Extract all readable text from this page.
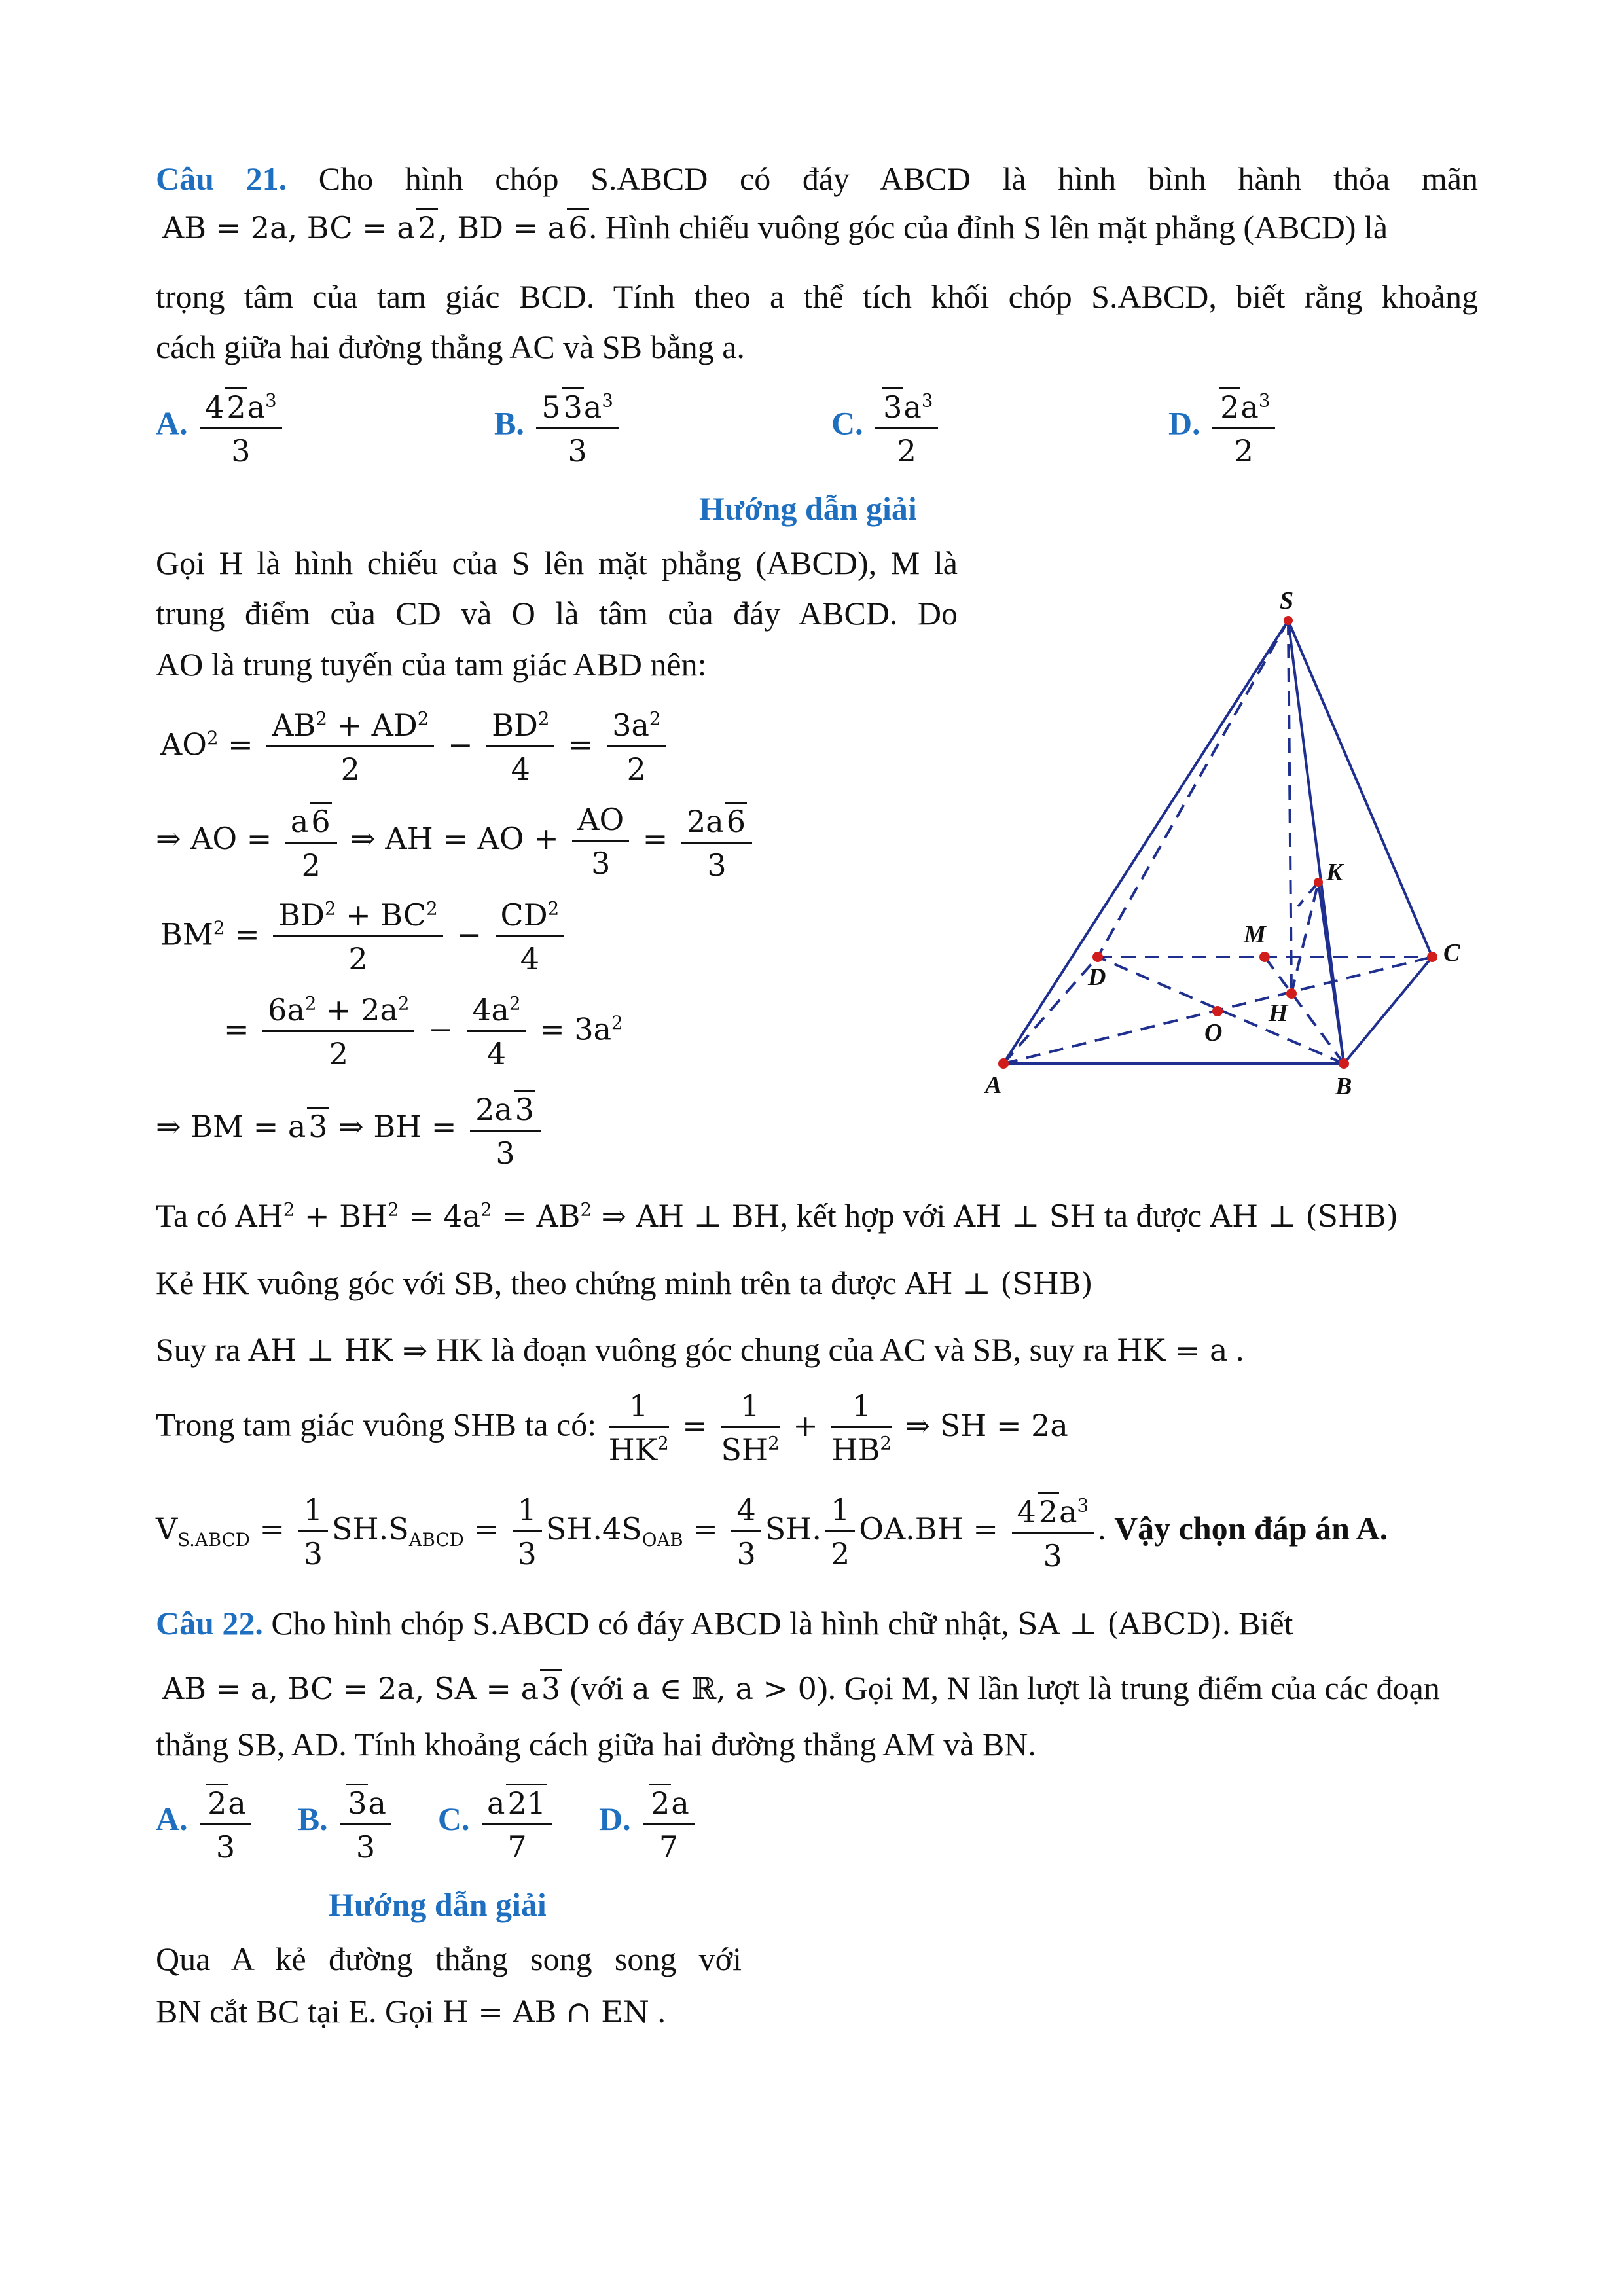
Câu 21. Cho hình chóp S.ABCD có đáy ABCD là hình bình hành thỏa mãn
AB = 2a, BC = a2, BD = a6. Hình chiếu vuông góc của đỉnh S lên mặt phẳng (ABCD) là
trọng tâm của tam giác BCD. Tính theo a thể tích khối chóp S.ABCD, biết rằng khoảng
cách giữa hai đường thẳng AC và SB bằng a.
A. $\frac{42a^3}{3}$	B. $\frac{53a^3}{3}$	C. $\frac{3a^3}{2}$	D. $\frac{2a^3}{2}$
Hướng dẫn giải
Gọi H là hình chiếu của S lên mặt phẳng (ABCD), M là
trung điểm của CD và O là tâm của đáy ABCD. Do
AO là trung tuyến của tam giác ABD nên:
$AO^2 = \frac{AB^2 + AD^2}{2} - \frac{BD^2}{4} = \frac{3a^2}{2}$
⇒ AO = $\frac{a6}{2}$ ⇒ AH = AO + $\frac{AO}{3} = \frac{2a6}{3}$
$BM^2 = \frac{BD^2 + BC^2}{2} - \frac{CD^2}{4}$
= $\frac{6a^2 + 2a^2}{2} - \frac{4a^2}{4} = 3a^2$
⇒ BM = a3 ⇒ BH = $\frac{2a3}{3}$
Ta có $AH^2 + BH^2 = 4a^2 = AB^2$ ⇒ AH ⊥ BH, kết hợp với AH ⊥ SH ta được AH ⊥ (SHB)
Kẻ HK vuông góc với SB, theo chứng minh trên ta được AH ⊥ (SHB)
Suy ra AH ⊥ HK ⇒ HK là đoạn vuông góc chung của AC và SB, suy ra HK = a .
Trong tam giác vuông SHB ta có: $\frac{1}{HK^2} = \frac{1}{SH^2} + \frac{1}{HB^2}$ ⇒ SH = 2a
$V_{S.ABCD} = \frac{1}{3} SH.S_{ABCD} = \frac{1}{3} SH.4S_{OAB} = \frac{4}{3}$ SH. $\frac{1}{2} OA.BH = \frac{42a^3}{3}$ . Vậy chọn đáp án A.
S
A	B
C
D
M
H
O
K
Câu 22. Cho hình chóp S.ABCD có đáy ABCD là hình chữ nhật, SA ⊥ (ABCD). Biết
AB = a, BC = 2a, SA = a3 (với a ∈ ℝ, a > 0). Gọi M, N lần lượt là trung điểm của các đoạn
thẳng SB, AD. Tính khoảng cách giữa hai đường thẳng AM và BN.
A. $\frac{2a}{3} B$. $\frac{3a}{3} C$. $\frac{a21}{7} D$. $\frac{2a}{7}$
Hướng dẫn giải
Qua A kẻ đường thẳng song song với
BN cắt BC tại E. Gọi H = AB ∩ EN .
